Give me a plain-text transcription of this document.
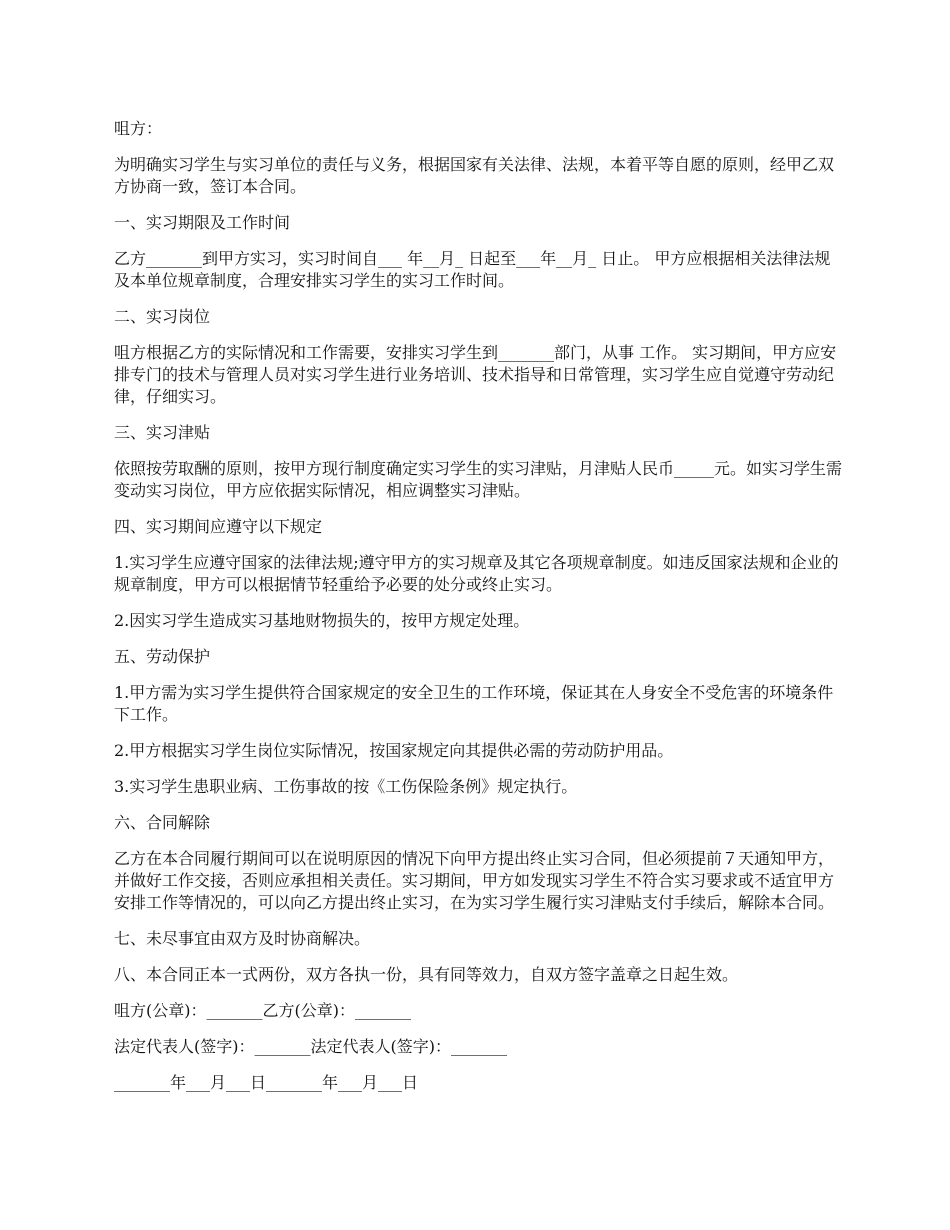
咀方：

为明确实习学生与实习单位的责任与义务，根据国家有关法律、法规，本着平等自愿的原则，经甲乙双方协商一致，签订本合同。

一、实习期限及工作时间

乙方_______到甲方实习，实习时间自___ 年__月_ 日起至___年__月_ 日止。 甲方应根据相关法律法规及本单位规章制度，合理安排实习学生的实习工作时间。

二、实习岗位

咀方根据乙方的实际情况和工作需要，安排实习学生到_______部门，从事 工作。 实习期间，甲方应安排专门的技术与管理人员对实习学生进行业务培训、技术指导和日常管理，实习学生应自觉遵守劳动纪律，仔细实习。

三、实习津贴

依照按劳取酬的原则，按甲方现行制度确定实习学生的实习津贴，月津贴人民币_____元。如实习学生需变动实习岗位，甲方应依据实际情况，相应调整实习津贴。

四、实习期间应遵守以下规定

1.实习学生应遵守国家的法律法规;遵守甲方的实习规章及其它各项规章制度。如违反国家法规和企业的规章制度，甲方可以根据情节轻重给予必要的处分或终止实习。

2.因实习学生造成实习基地财物损失的，按甲方规定处理。

五、劳动保护

1.甲方需为实习学生提供符合国家规定的安全卫生的工作环境，保证其在人身安全不受危害的环境条件下工作。

2.甲方根据实习学生岗位实际情况，按国家规定向其提供必需的劳动防护用品。

3.实习学生患职业病、工伤事故的按《工伤保险条例》规定执行。

六、合同解除

乙方在本合同履行期间可以在说明原因的情况下向甲方提出终止实习合同，但必须提前７天通知甲方，并做好工作交接，否则应承担相关责任。实习期间，甲方如发现实习学生不符合实习要求或不适宜甲方安排工作等情况的，可以向乙方提出终止实习，在为实习学生履行实习津贴支付手续后，解除本合同。

七、未尽事宜由双方及时协商解决。

八、本合同正本一式两份，双方各执一份，具有同等效力，自双方签字盖章之日起生效。

咀方(公章)：_______乙方(公章)：_______

法定代表人(签字)：_______法定代表人(签字)：_______

_______年___月___日_______年___月___日
